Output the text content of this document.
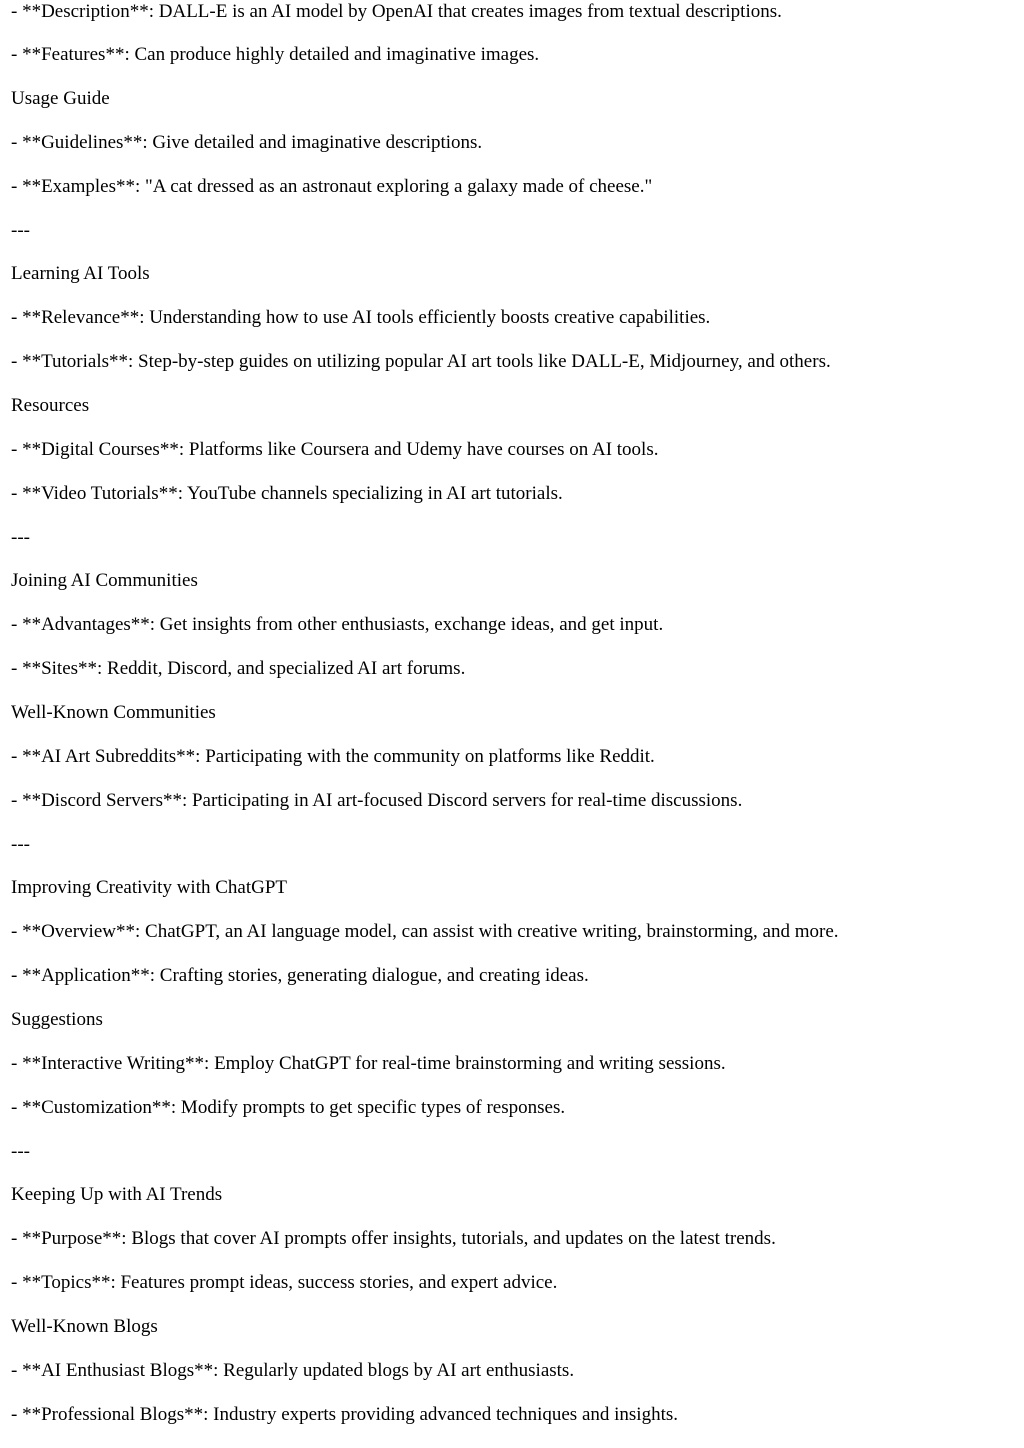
- **Description**: DALL-E is an AI model by OpenAI that creates images from textual descriptions.

- **Features**: Can produce highly detailed and imaginative images.

Usage Guide

- **Guidelines**: Give detailed and imaginative descriptions.

- **Examples**: "A cat dressed as an astronaut exploring a galaxy made of cheese."

---

Learning AI Tools

- **Relevance**: Understanding how to use AI tools efficiently boosts creative capabilities.

- **Tutorials**: Step-by-step guides on utilizing popular AI art tools like DALL-E, Midjourney, and others.

Resources

- **Digital Courses**: Platforms like Coursera and Udemy have courses on AI tools.

- **Video Tutorials**: YouTube channels specializing in AI art tutorials.

---

Joining AI Communities

- **Advantages**: Get insights from other enthusiasts, exchange ideas, and get input.

- **Sites**: Reddit, Discord, and specialized AI art forums.

Well-Known Communities

- **AI Art Subreddits**: Participating with the community on platforms like Reddit.

- **Discord Servers**: Participating in AI art-focused Discord servers for real-time discussions.

---

Improving Creativity with ChatGPT

- **Overview**: ChatGPT, an AI language model, can assist with creative writing, brainstorming, and more.

- **Application**: Crafting stories, generating dialogue, and creating ideas.

Suggestions

- **Interactive Writing**: Employ ChatGPT for real-time brainstorming and writing sessions.

- **Customization**: Modify prompts to get specific types of responses.

---

Keeping Up with AI Trends

- **Purpose**: Blogs that cover AI prompts offer insights, tutorials, and updates on the latest trends.

- **Topics**: Features prompt ideas, success stories, and expert advice.

Well-Known Blogs

- **AI Enthusiast Blogs**: Regularly updated blogs by AI art enthusiasts.

- **Professional Blogs**: Industry experts providing advanced techniques and insights.
